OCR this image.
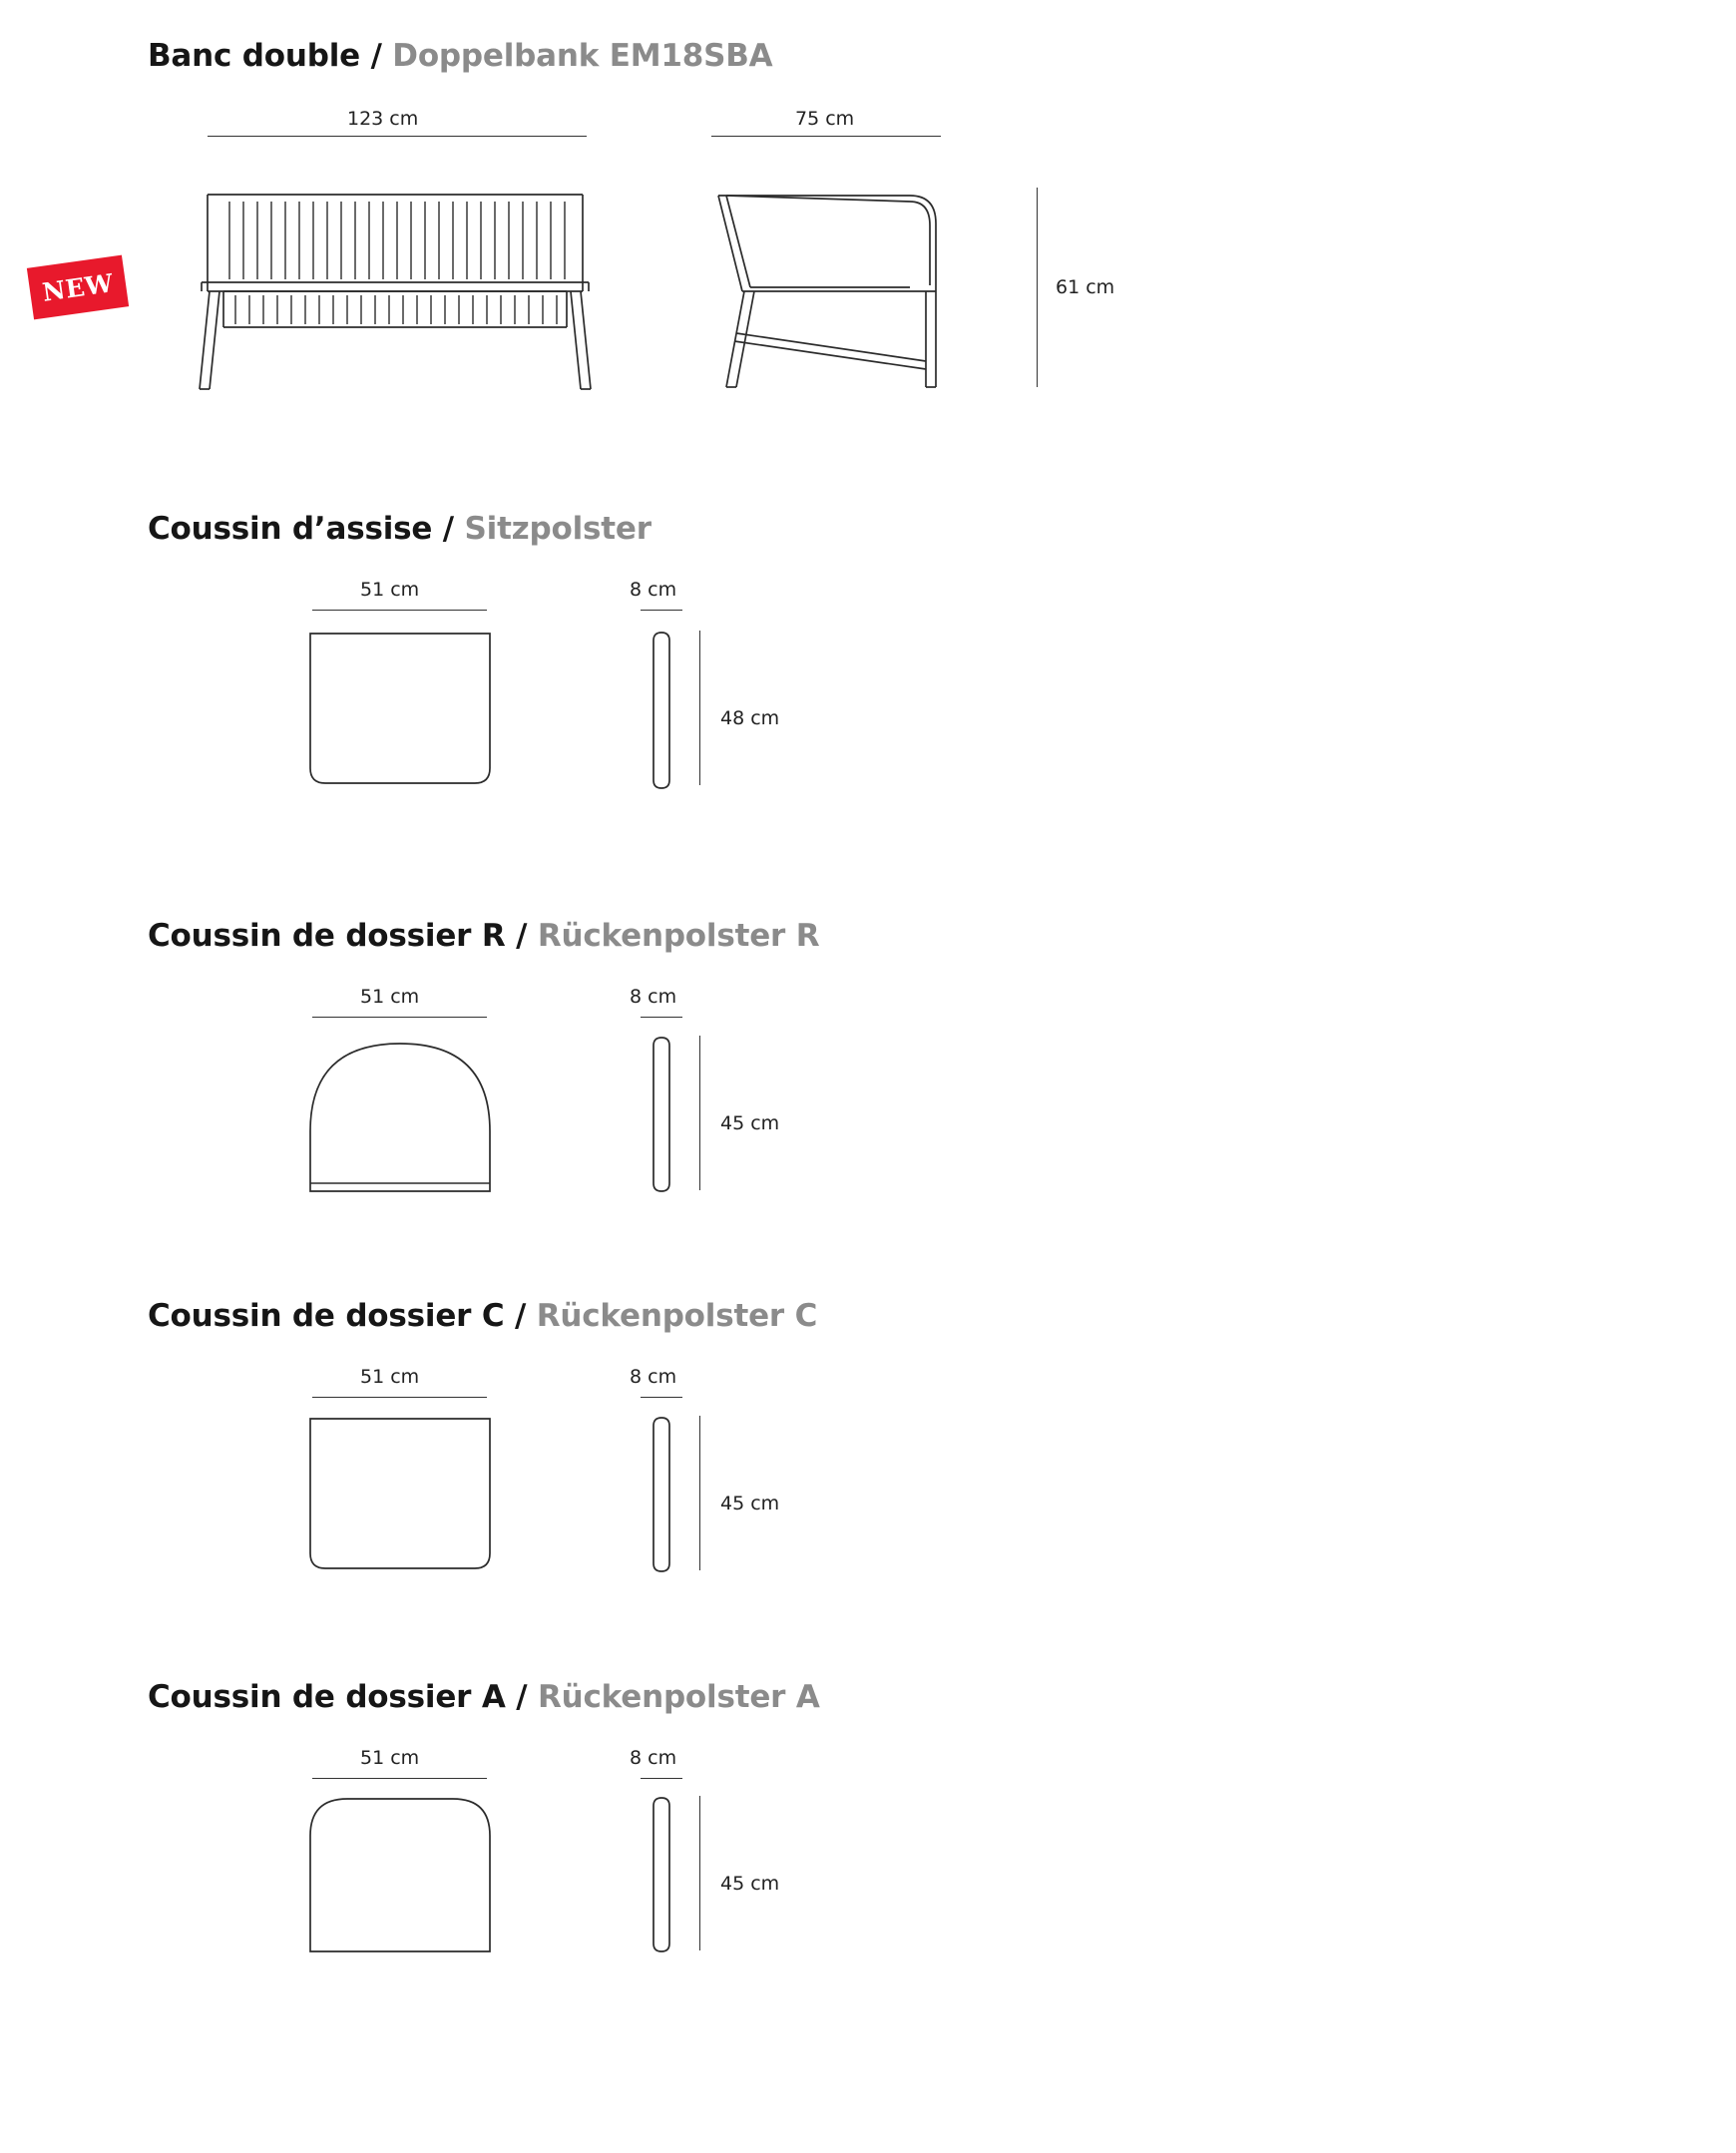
NEW
Banc double / Doppelbank EM18SBA
123 cm	75 cm
61 cm
Coussin d’assise / Sitzpolster
51 cm	8 cm
48 cm
Coussin de dossier R / Rückenpolster R
51 cm	8 cm
45 cm
Coussin de dossier C / Rückenpolster C
51 cm	8 cm
45 cm
Coussin de dossier A / Rückenpolster A
51 cm	8 cm
45 cm
